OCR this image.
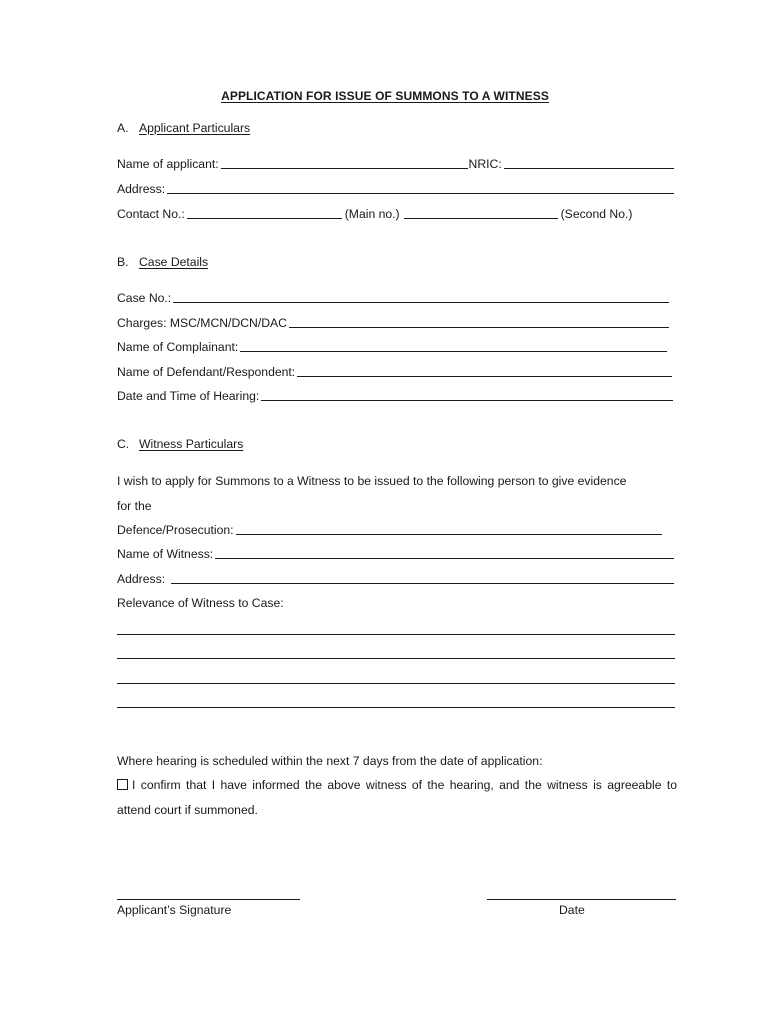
APPLICATION FOR ISSUE OF SUMMONS TO A WITNESS
A. Applicant Particulars
Name of applicant:	NRIC:
Address:
Contact No.:	(Main no.)	(Second No.)
B. Case Details
Case No.:
Charges: MSC/MCN/DCN/DAC
Name of Complainant:
Name of Defendant/Respondent:
Date and Time of Hearing:
C. Witness Particulars
I wish to apply for Summons to a Witness to be issued to the following person to give evidence
for the
Defence/Prosecution:
Name of Witness:
Address:
Relevance of Witness to Case:
Where hearing is scheduled within the next 7 days from the date of application:
I confirm that I have informed the above witness of the hearing, and the witness is agreeable to attend court if summoned.
Applicant’s Signature	Date
